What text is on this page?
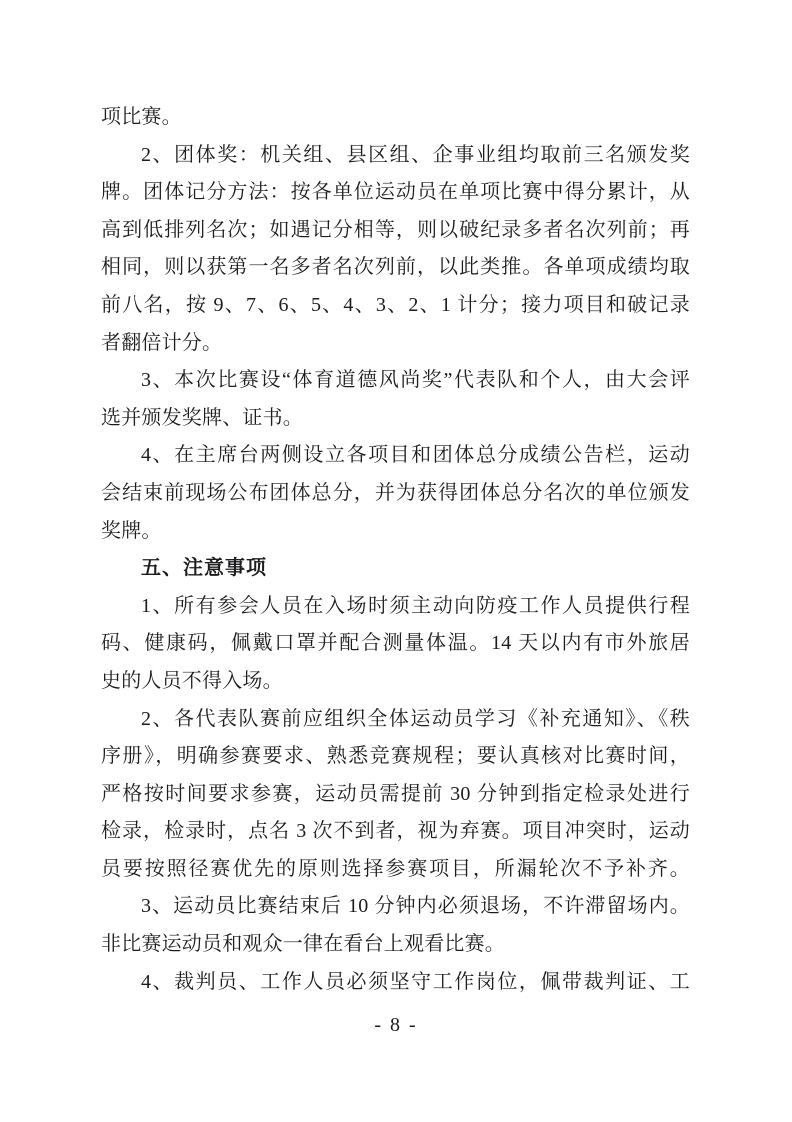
项比赛。
2、团体奖：机关组、县区组、企事业组均取前三名颁发奖
牌。团体记分方法：按各单位运动员在单项比赛中得分累计，从
高到低排列名次；如遇记分相等，则以破纪录多者名次列前；再
相同，则以获第一名多者名次列前，以此类推。各单项成绩均取
前八名，按 9、7、6、5、4、3、2、1 计分；接力项目和破记录
者翻倍计分。
3、本次比赛设“体育道德风尚奖”代表队和个人，由大会评
选并颁发奖牌、证书。
4、在主席台两侧设立各项目和团体总分成绩公告栏，运动
会结束前现场公布团体总分，并为获得团体总分名次的单位颁发
奖牌。
五、注意事项
1、所有参会人员在入场时须主动向防疫工作人员提供行程
码、健康码，佩戴口罩并配合测量体温。14 天以内有市外旅居
史的人员不得入场。
2、各代表队赛前应组织全体运动员学习《补充通知》、《秩
序册》，明确参赛要求、熟悉竞赛规程；要认真核对比赛时间，
严格按时间要求参赛，运动员需提前 30 分钟到指定检录处进行
检录，检录时，点名 3 次不到者，视为弃赛。项目冲突时，运动
员要按照径赛优先的原则选择参赛项目，所漏轮次不予补齐。
3、运动员比赛结束后 10 分钟内必须退场，不许滞留场内。
非比赛运动员和观众一律在看台上观看比赛。
4、裁判员、工作人员必须坚守工作岗位，佩带裁判证、工
- 8 -
